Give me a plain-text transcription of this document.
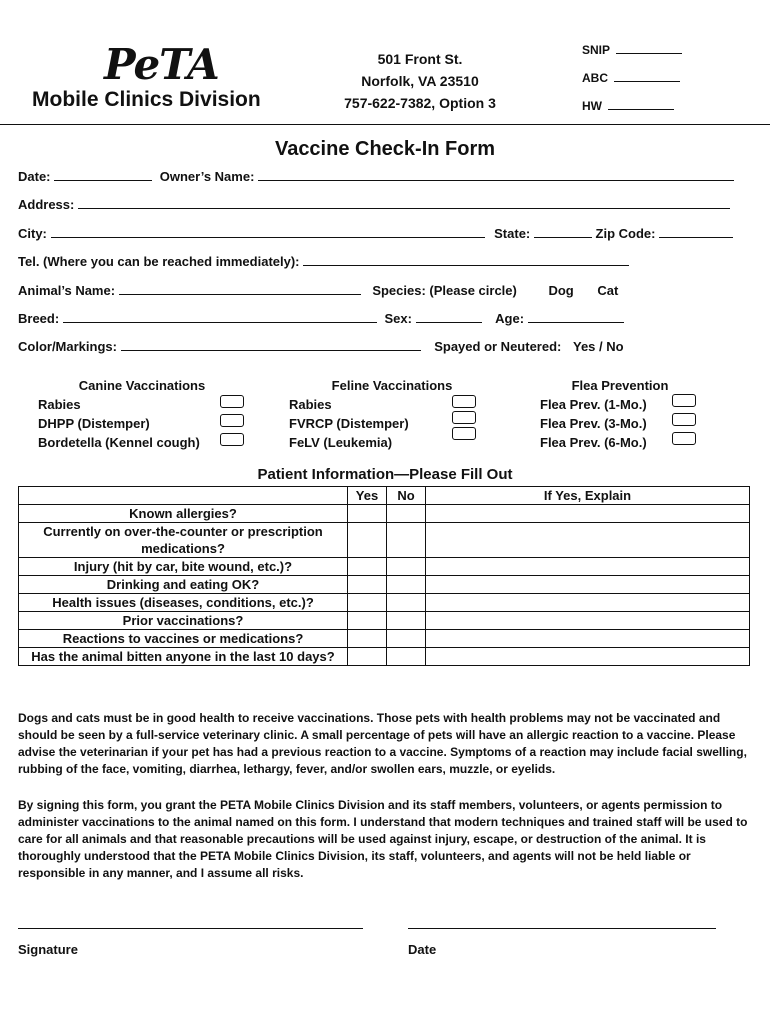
PeTA
Mobile Clinics Division
501 Front St.
Norfolk, VA 23510
757-622-7382, Option 3
SNIP
ABC
HW
Vaccine Check-In Form
Date:	Owner’s Name:
Address:
City:	State:	Zip Code:
Tel. (Where you can be reached immediately):
Animal’s Name:	Species: (Please circle) Dog Cat
Breed:	Sex:	Age:
Color/Markings:	Spayed or Neutered: Yes / No
Canine Vaccinations
Rabies
DHPP (Distemper)
Bordetella (Kennel cough)
Feline Vaccinations
Rabies
FVRCP (Distemper)
FeLV (Leukemia)
Flea Prevention
Flea Prev. (1-Mo.)
Flea Prev. (3-Mo.)
Flea Prev. (6-Mo.)
Patient Information—Please Fill Out
	Yes	No	If Yes, Explain
Known allergies?			
Currently on over-the-counter or prescription medications?			
Injury (hit by car, bite wound, etc.)?			
Drinking and eating OK?			
Health issues (diseases, conditions, etc.)?			
Prior vaccinations?			
Reactions to vaccines or medications?			
Has the animal bitten anyone in the last 10 days?			
Dogs and cats must be in good health to receive vaccinations. Those pets with health problems may not be vaccinated and should be seen by a full-service veterinary clinic. A small percentage of pets will have an allergic reaction to a vaccine. Please advise the veterinarian if your pet has had a previous reaction to a vaccine. Symptoms of a reaction may include facial swelling, rubbing of the face, vomiting, diarrhea, lethargy, fever, and/or swollen ears, muzzle, or eyelids.
By signing this form, you grant the PETA Mobile Clinics Division and its staff members, volunteers, or agents permission to administer vaccinations to the animal named on this form. I understand that modern techniques and trained staff will be used to care for all animals and that reasonable precautions will be used against injury, escape, or destruction of the animal. It is thoroughly understood that the PETA Mobile Clinics Division, its staff, volunteers, and agents will not be held liable or responsible in any manner, and I assume all risks.
Signature	Date
